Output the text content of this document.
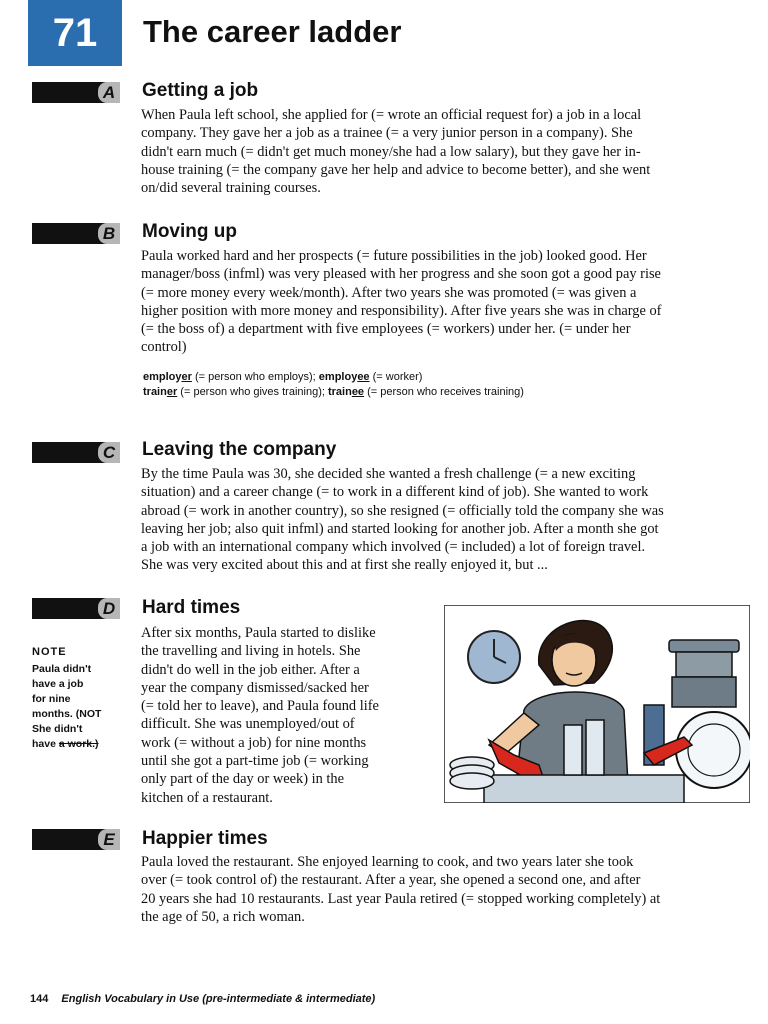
71	The career ladder
A Getting a job

When Paula left school, she applied for (= wrote an official request for) a job in a local
company. They gave her a job as a trainee (= a very junior person in a company). She
didn't earn much (= didn't get much money/she had a low salary), but they gave her in-
house training (= the company gave her help and advice to become better), and she went
on/did several training courses.

B Moving up

Paula worked hard and her prospects (= future possibilities in the job) looked good. Her
manager/boss (infml) was very pleased with her progress and she soon got a good pay rise
(= more money every week/month). After two years she was promoted (= was given a
higher position with more money and responsibility). After five years she was in charge of
(= the boss of) a department with five employees (= workers) under her. (= under her
control)

employer (= person who employs); employee (= worker)
trainer (= person who gives training); trainee (= person who receives training)

C Leaving the company

By the time Paula was 30, she decided she wanted a fresh challenge (= a new exciting
situation) and a career change (= to work in a different kind of job). She wanted to work
abroad (= work in another country), so she resigned (= officially told the company she was
leaving her job; also quit infml) and started looking for another job. After a month she got
a job with an international company which involved (= included) a lot of foreign travel.
She was very excited about this and at first she really enjoyed it, but ...

D Hard times

After six months, Paula started to dislike
the travelling and living in hotels. She
didn't do well in the job either. After a
year the company dismissed/sacked her
(= told her to leave), and Paula found life
difficult. She was unemployed/out of
work (= without a job) for nine months
until she got a part-time job (= working
only part of the day or week) in the
kitchen of a restaurant.

NOTE
Paula didn't
have a job
for nine
months. (NOT
She didn't
have a work.)
E Happier times

Paula loved the restaurant. She enjoyed learning to cook, and two years later she took
over (= took control of) the restaurant. After a year, she opened a second one, and after
20 years she had 10 restaurants. Last year Paula retired (= stopped working completely) at
the age of 50, a rich woman.

144 English Vocabulary in Use (pre-intermediate & intermediate)
